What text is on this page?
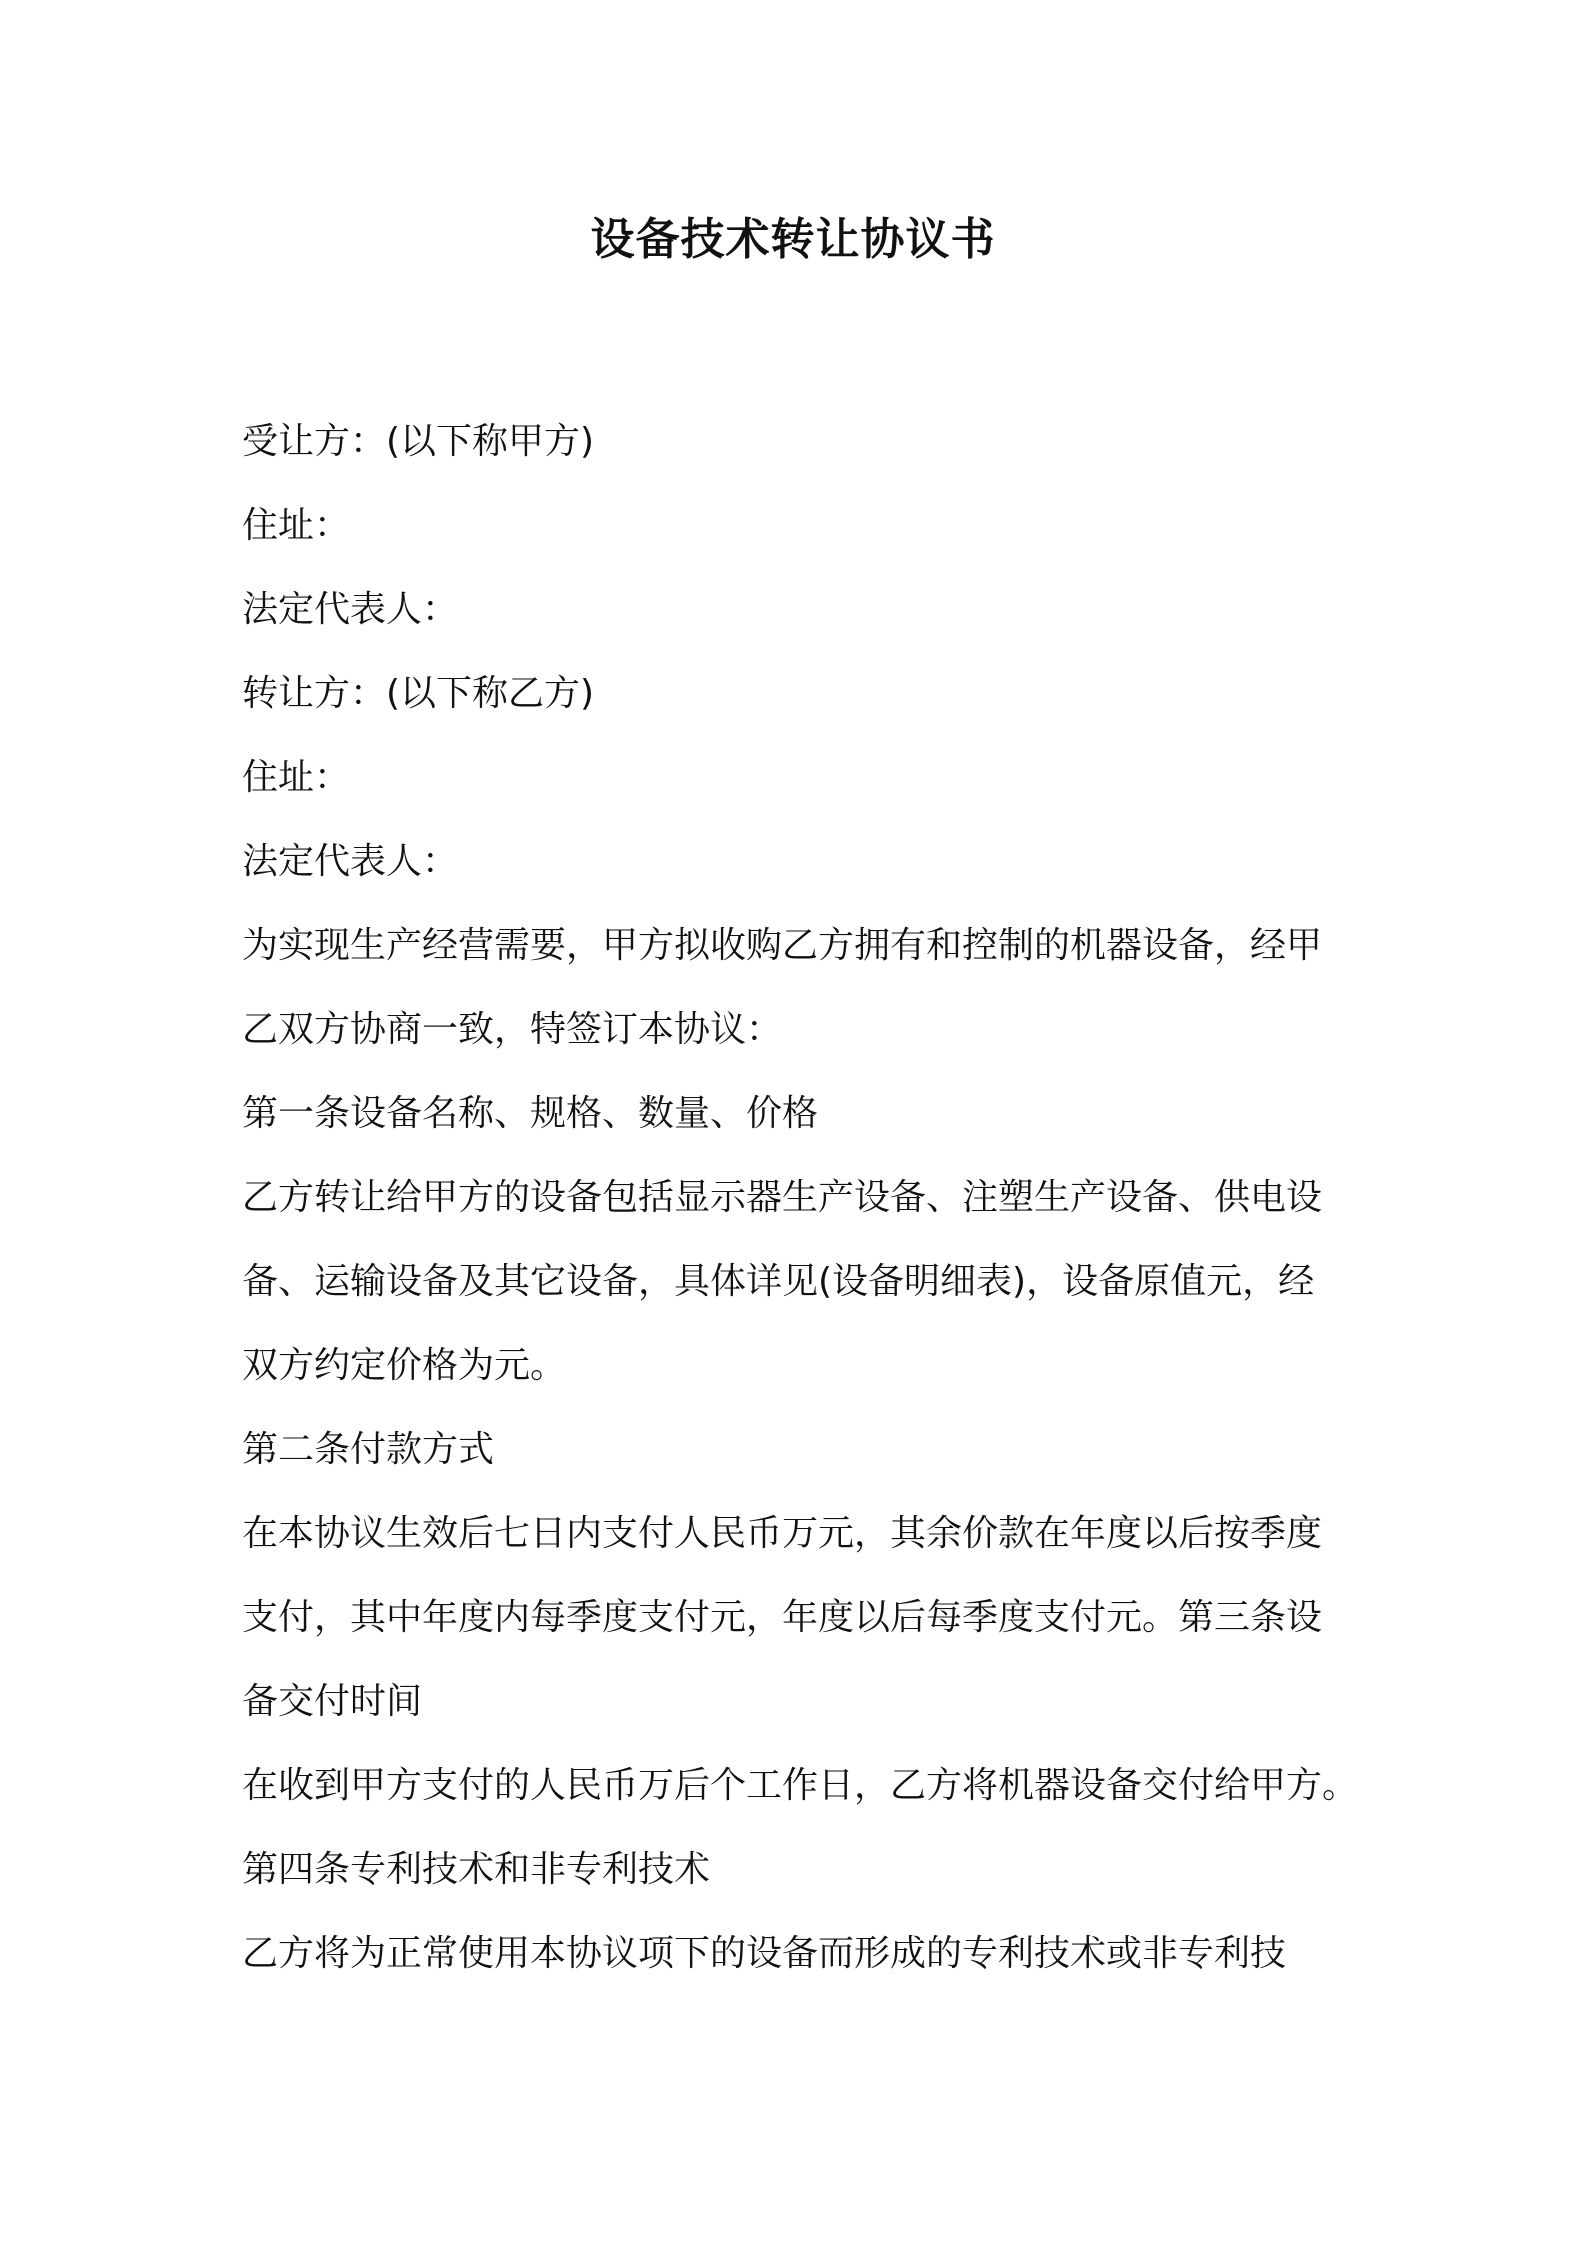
设备技术转让协议书
受让方：(以下称甲方)
住址：
法定代表人：
转让方：(以下称乙方)
住址：
法定代表人：
为实现生产经营需要，甲方拟收购乙方拥有和控制的机器设备，经甲
乙双方协商一致，特签订本协议：
第一条设备名称、规格、数量、价格
乙方转让给甲方的设备包括显示器生产设备、注塑生产设备、供电设
备、运输设备及其它设备，具体详见(设备明细表)，设备原值元，经
双方约定价格为元。
第二条付款方式
在本协议生效后七日内支付人民币万元，其余价款在年度以后按季度
支付，其中年度内每季度支付元，年度以后每季度支付元。第三条设
备交付时间
在收到甲方支付的人民币万后个工作日，乙方将机器设备交付给甲方。
第四条专利技术和非专利技术
乙方将为正常使用本协议项下的设备而形成的专利技术或非专利技
